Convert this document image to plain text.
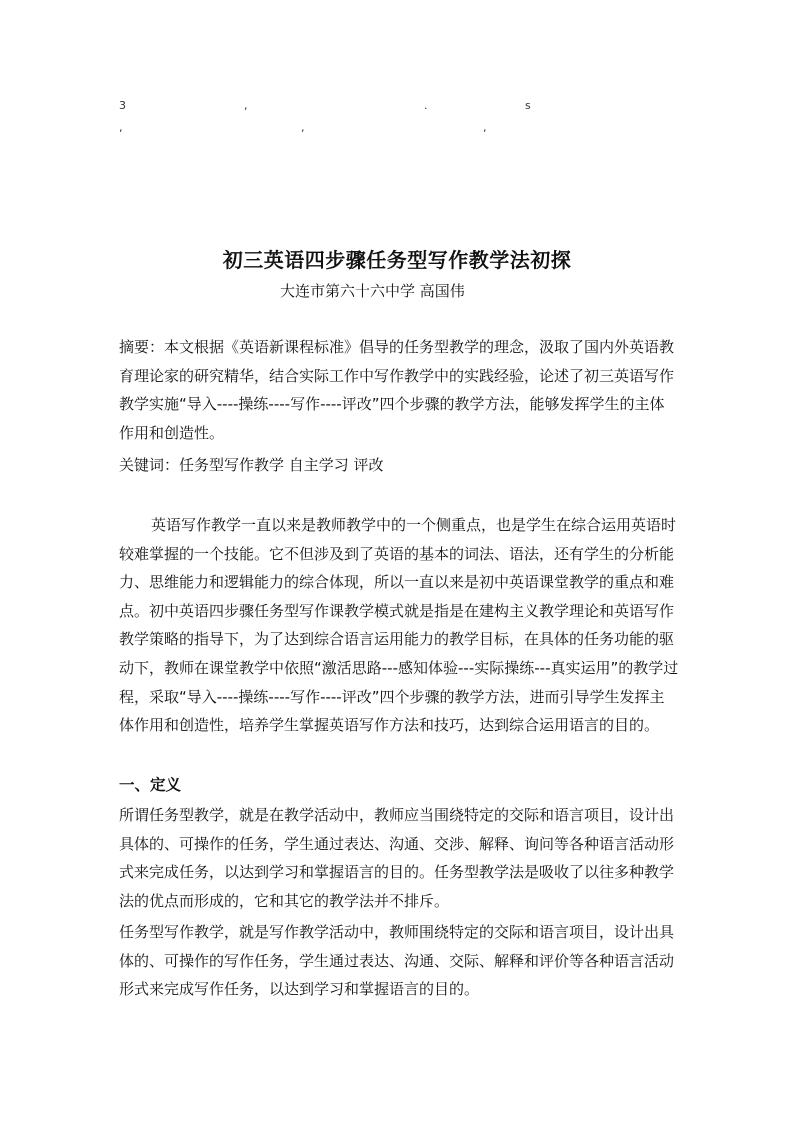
3	,	.	s
,	,	,
初三英语四步骤任务型写作教学法初探
大连市第六十六中学 高国伟

摘要：本文根据《英语新课程标准》倡导的任务型教学的理念，汲取了国内外英语教育理论家的研究精华，结合实际工作中写作教学中的实践经验，论述了初三英语写作教学实施“导入----操练----写作----评改”四个步骤的教学方法，能够发挥学生的主体作用和创造性。

关键词：任务型写作教学 自主学习 评改

英语写作教学一直以来是教师教学中的一个侧重点，也是学生在综合运用英语时较难掌握的一个技能。它不但涉及到了英语的基本的词法、语法，还有学生的分析能力、思维能力和逻辑能力的综合体现，所以一直以来是初中英语课堂教学的重点和难点。初中英语四步骤任务型写作课教学模式就是指是在建构主义教学理论和英语写作教学策略的指导下，为了达到综合语言运用能力的教学目标，在具体的任务功能的驱动下，教师在课堂教学中依照“激活思路---感知体验---实际操练---真实运用”的教学过程，采取“导入----操练----写作----评改”四个步骤的教学方法，进而引导学生发挥主体作用和创造性，培养学生掌握英语写作方法和技巧，达到综合运用语言的目的。

一、定义

所谓任务型教学，就是在教学活动中，教师应当围绕特定的交际和语言项目，设计出具体的、可操作的任务，学生通过表达、沟通、交涉、解释、询问等各种语言活动形式来完成任务，以达到学习和掌握语言的目的。任务型教学法是吸收了以往多种教学法的优点而形成的，它和其它的教学法并不排斥。

任务型写作教学，就是写作教学活动中，教师围绕特定的交际和语言项目，设计出具体的、可操作的写作任务，学生通过表达、沟通、交际、解释和评价等各种语言活动形式来完成写作任务，以达到学习和掌握语言的目的。
